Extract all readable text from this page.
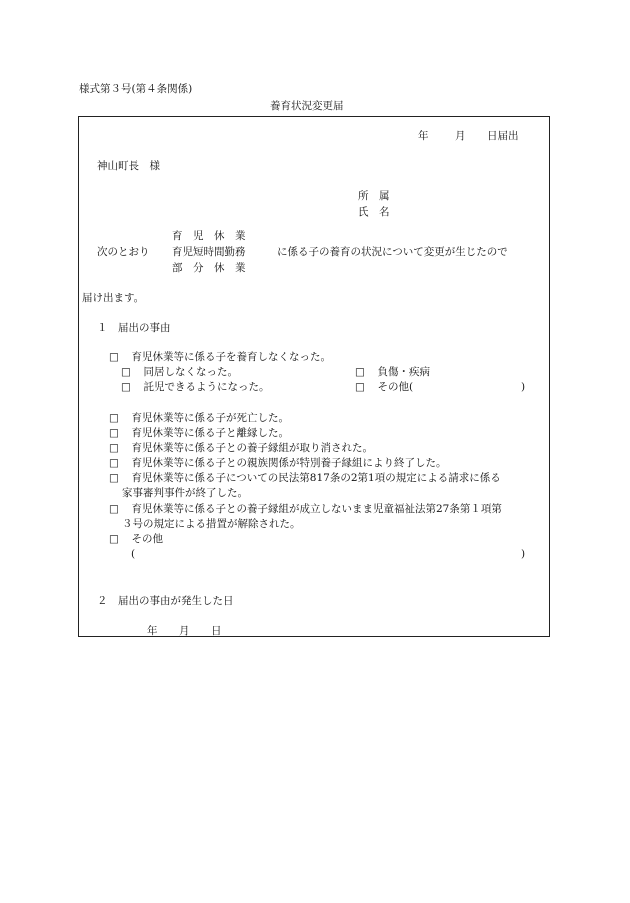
様式第３号(第４条関係)
養育状況変更届
年	月 日届出
神山町長　様
所　属
氏　名
次のとおり
育　児　休　業
育児短時間勤務
部　分　休　業
に係る子の養育の状況について変更が生じたので
届け出ます。
１　届出の事由
□　 育児休業等に係る子を養育しなくなった。
□　 同居しなくなった。	□　 負傷・疾病
□　 託児できるようになった。	□　 その他(	)
□　 育児休業等に係る子が死亡した。
□　 育児休業等に係る子と離縁した。
□　 育児休業等に係る子との養子縁組が取り消された。
□　 育児休業等に係る子との親族関係が特別養子縁組により終了した。
□　 育児休業等に係る子についての民法第817条の2第1項の規定による請求に係る
家事審判事件が終了した。
□　 育児休業等に係る子との養子縁組が成立しないまま児童福祉法第27条第１項第
３号の規定による措置が解除された。
□　 その他
(	)
２　届出の事由が発生した日
年 月 日
